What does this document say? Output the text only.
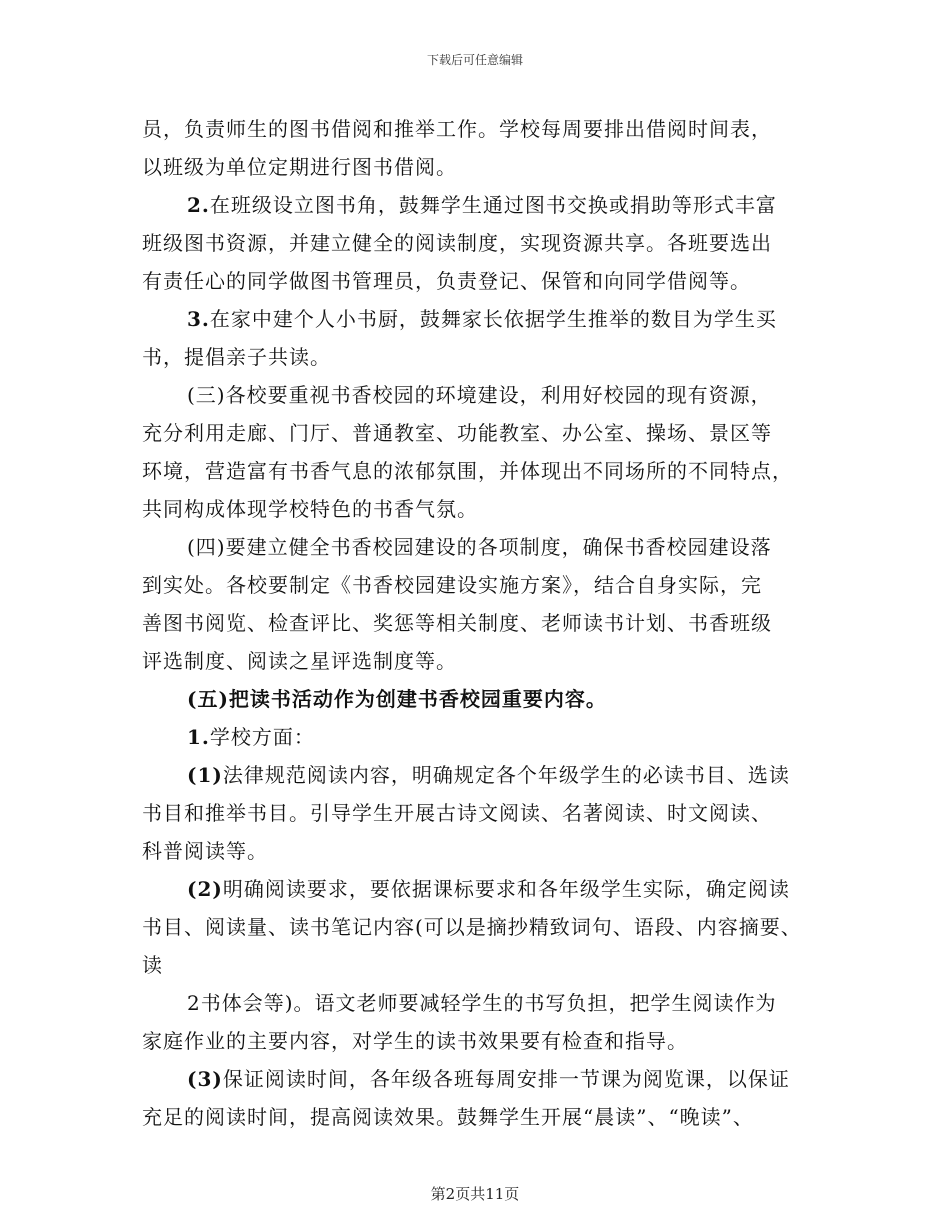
下载后可任意编辑
员，负责师生的图书借阅和推举工作。学校每周要排出借阅时间表，
以班级为单位定期进行图书借阅。
2.在班级设立图书角，鼓舞学生通过图书交换或捐助等形式丰富
班级图书资源，并建立健全的阅读制度，实现资源共享。各班要选出
有责任心的同学做图书管理员，负责登记、保管和向同学借阅等。
3.在家中建个人小书厨，鼓舞家长依据学生推举的数目为学生买
书，提倡亲子共读。
(三)各校要重视书香校园的环境建设，利用好校园的现有资源，
充分利用走廊、门厅、普通教室、功能教室、办公室、操场、景区等
环境，营造富有书香气息的浓郁氛围，并体现出不同场所的不同特点，
共同构成体现学校特色的书香气氛。
(四)要建立健全书香校园建设的各项制度，确保书香校园建设落
到实处。各校要制定《书香校园建设实施方案》，结合自身实际，完
善图书阅览、检查评比、奖惩等相关制度、老师读书计划、书香班级
评选制度、阅读之星评选制度等。
(五)把读书活动作为创建书香校园重要内容。
1.学校方面：
(1)法律规范阅读内容，明确规定各个年级学生的必读书目、选读
书目和推举书目。引导学生开展古诗文阅读、名著阅读、时文阅读、
科普阅读等。
(2)明确阅读要求，要依据课标要求和各年级学生实际，确定阅读
书目、阅读量、读书笔记内容(可以是摘抄精致词句、语段、内容摘要、
读
2书体会等)。语文老师要减轻学生的书写负担，把学生阅读作为
家庭作业的主要内容，对学生的读书效果要有检查和指导。
(3)保证阅读时间，各年级各班每周安排一节课为阅览课，以保证
充足的阅读时间，提高阅读效果。鼓舞学生开展“晨读”、“晚读”、
第2页共11页
